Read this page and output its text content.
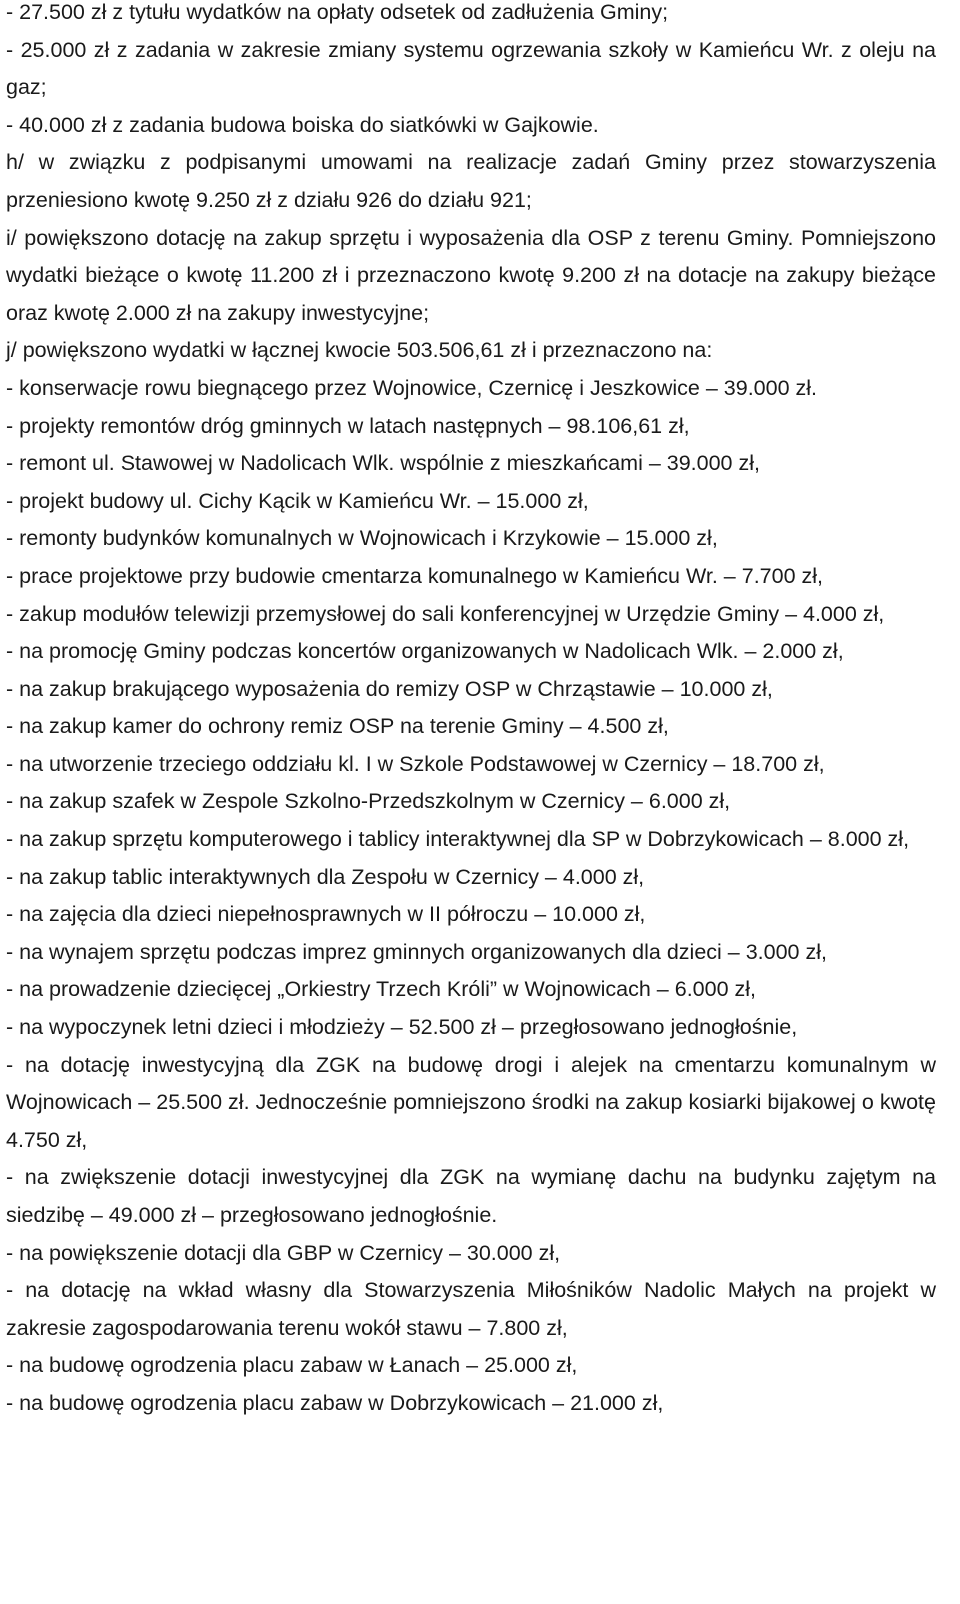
- 27.500 zł z tytułu wydatków na opłaty odsetek od zadłużenia Gminy;

- 25.000 zł z zadania w zakresie zmiany systemu ogrzewania szkoły w Kamieńcu Wr. z oleju na gaz;

- 40.000 zł z zadania budowa boiska do siatkówki w Gajkowie.

h/ w związku z podpisanymi umowami na realizacje zadań Gminy przez stowarzyszenia przeniesiono kwotę 9.250 zł z działu 926 do działu 921;

i/ powiększono dotację na zakup sprzętu i wyposażenia dla OSP z terenu Gminy. Pomniejszono wydatki bieżące o kwotę 11.200 zł i przeznaczono kwotę 9.200 zł na dotacje na zakupy bieżące oraz kwotę 2.000 zł na zakupy inwestycyjne;

j/ powiększono wydatki w łącznej kwocie 503.506,61 zł i przeznaczono na:

- konserwacje rowu biegnącego przez Wojnowice, Czernicę i Jeszkowice – 39.000 zł.

- projekty remontów dróg gminnych w latach następnych – 98.106,61 zł,

- remont ul. Stawowej w Nadolicach Wlk. wspólnie z mieszkańcami – 39.000 zł,

- projekt budowy ul. Cichy Kącik w Kamieńcu Wr. – 15.000 zł,

- remonty budynków komunalnych w Wojnowicach i Krzykowie – 15.000 zł,

- prace projektowe przy budowie cmentarza komunalnego w Kamieńcu Wr. – 7.700 zł,

- zakup modułów telewizji przemysłowej do sali konferencyjnej w Urzędzie Gminy – 4.000 zł,

- na promocję Gminy podczas koncertów organizowanych w Nadolicach Wlk. – 2.000 zł,

- na zakup brakującego wyposażenia do remizy OSP w Chrząstawie – 10.000 zł,

- na zakup kamer do ochrony remiz OSP na terenie Gminy – 4.500 zł,

- na utworzenie trzeciego oddziału kl. I w Szkole Podstawowej w Czernicy – 18.700 zł,

- na zakup szafek w Zespole Szkolno-Przedszkolnym w Czernicy – 6.000 zł,

- na zakup sprzętu komputerowego i tablicy interaktywnej dla SP w Dobrzykowicach – 8.000 zł,

- na zakup tablic interaktywnych dla Zespołu w Czernicy – 4.000 zł,

- na zajęcia dla dzieci niepełnosprawnych w II półroczu – 10.000 zł,

- na wynajem sprzętu podczas imprez gminnych organizowanych dla dzieci – 3.000 zł,

- na prowadzenie dziecięcej „Orkiestry Trzech Króli” w Wojnowicach – 6.000 zł,

- na wypoczynek letni dzieci i młodzieży – 52.500 zł – przegłosowano jednogłośnie,

- na dotację inwestycyjną dla ZGK na budowę drogi i alejek na cmentarzu komunalnym w Wojnowicach – 25.500 zł. Jednocześnie pomniejszono środki na zakup kosiarki bijakowej o kwotę 4.750 zł,

- na zwiększenie dotacji inwestycyjnej dla ZGK na wymianę dachu na budynku zajętym na siedzibę – 49.000 zł – przegłosowano jednogłośnie.

- na powiększenie dotacji dla GBP w Czernicy – 30.000 zł,

- na dotację na wkład własny dla Stowarzyszenia Miłośników Nadolic Małych na projekt w zakresie zagospodarowania terenu wokół stawu – 7.800 zł,

- na budowę ogrodzenia placu zabaw w Łanach – 25.000 zł,

- na budowę ogrodzenia placu zabaw w Dobrzykowicach – 21.000 zł,
